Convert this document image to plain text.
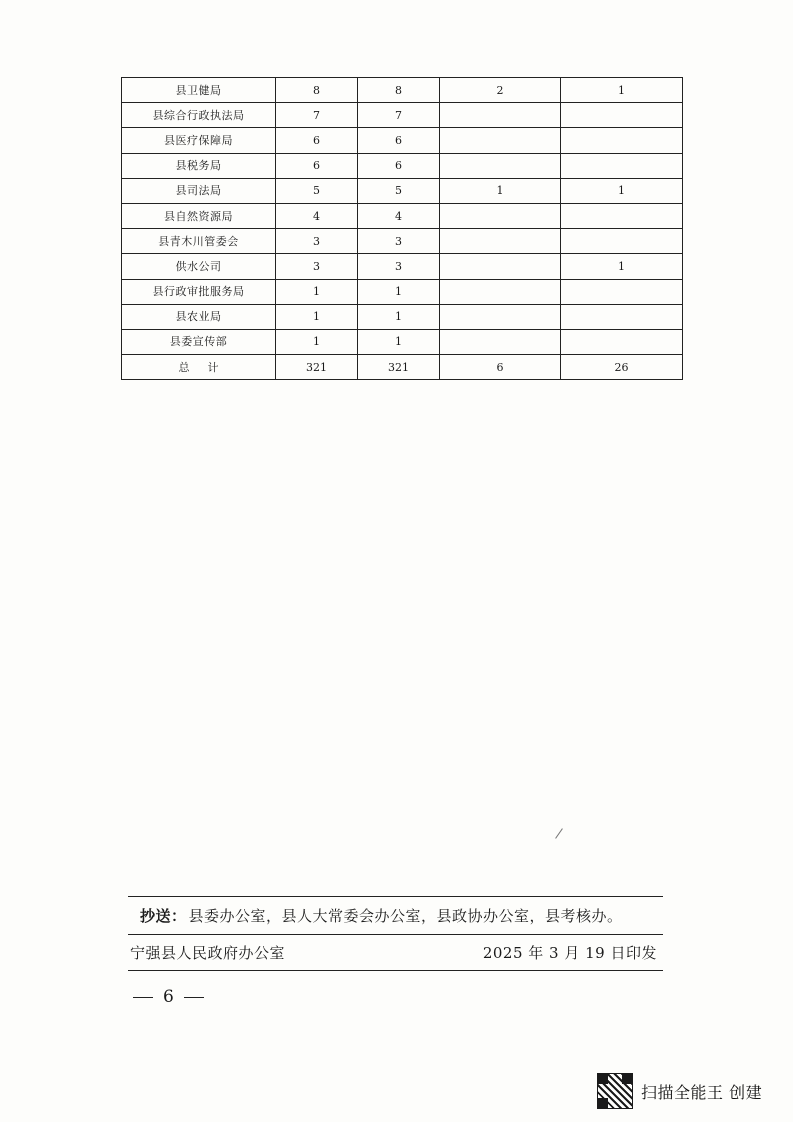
县卫健局	8	8	2	1
县综合行政执法局	7	7		
县医疗保障局	6	6		
县税务局	6	6		
县司法局	5	5	1	1
县自然资源局	4	4		
县青木川管委会	3	3		
供水公司	3	3		1
县行政审批服务局	1	1		
县农业局	1	1		
县委宣传部	1	1		
总计	321	321	6	26
抄送： 县委办公室，县人大常委会办公室，县政协办公室，县考核办。
宁强县人民政府办公室	2025 年 3 月 19 日印发
6
扫描全能王 创建
